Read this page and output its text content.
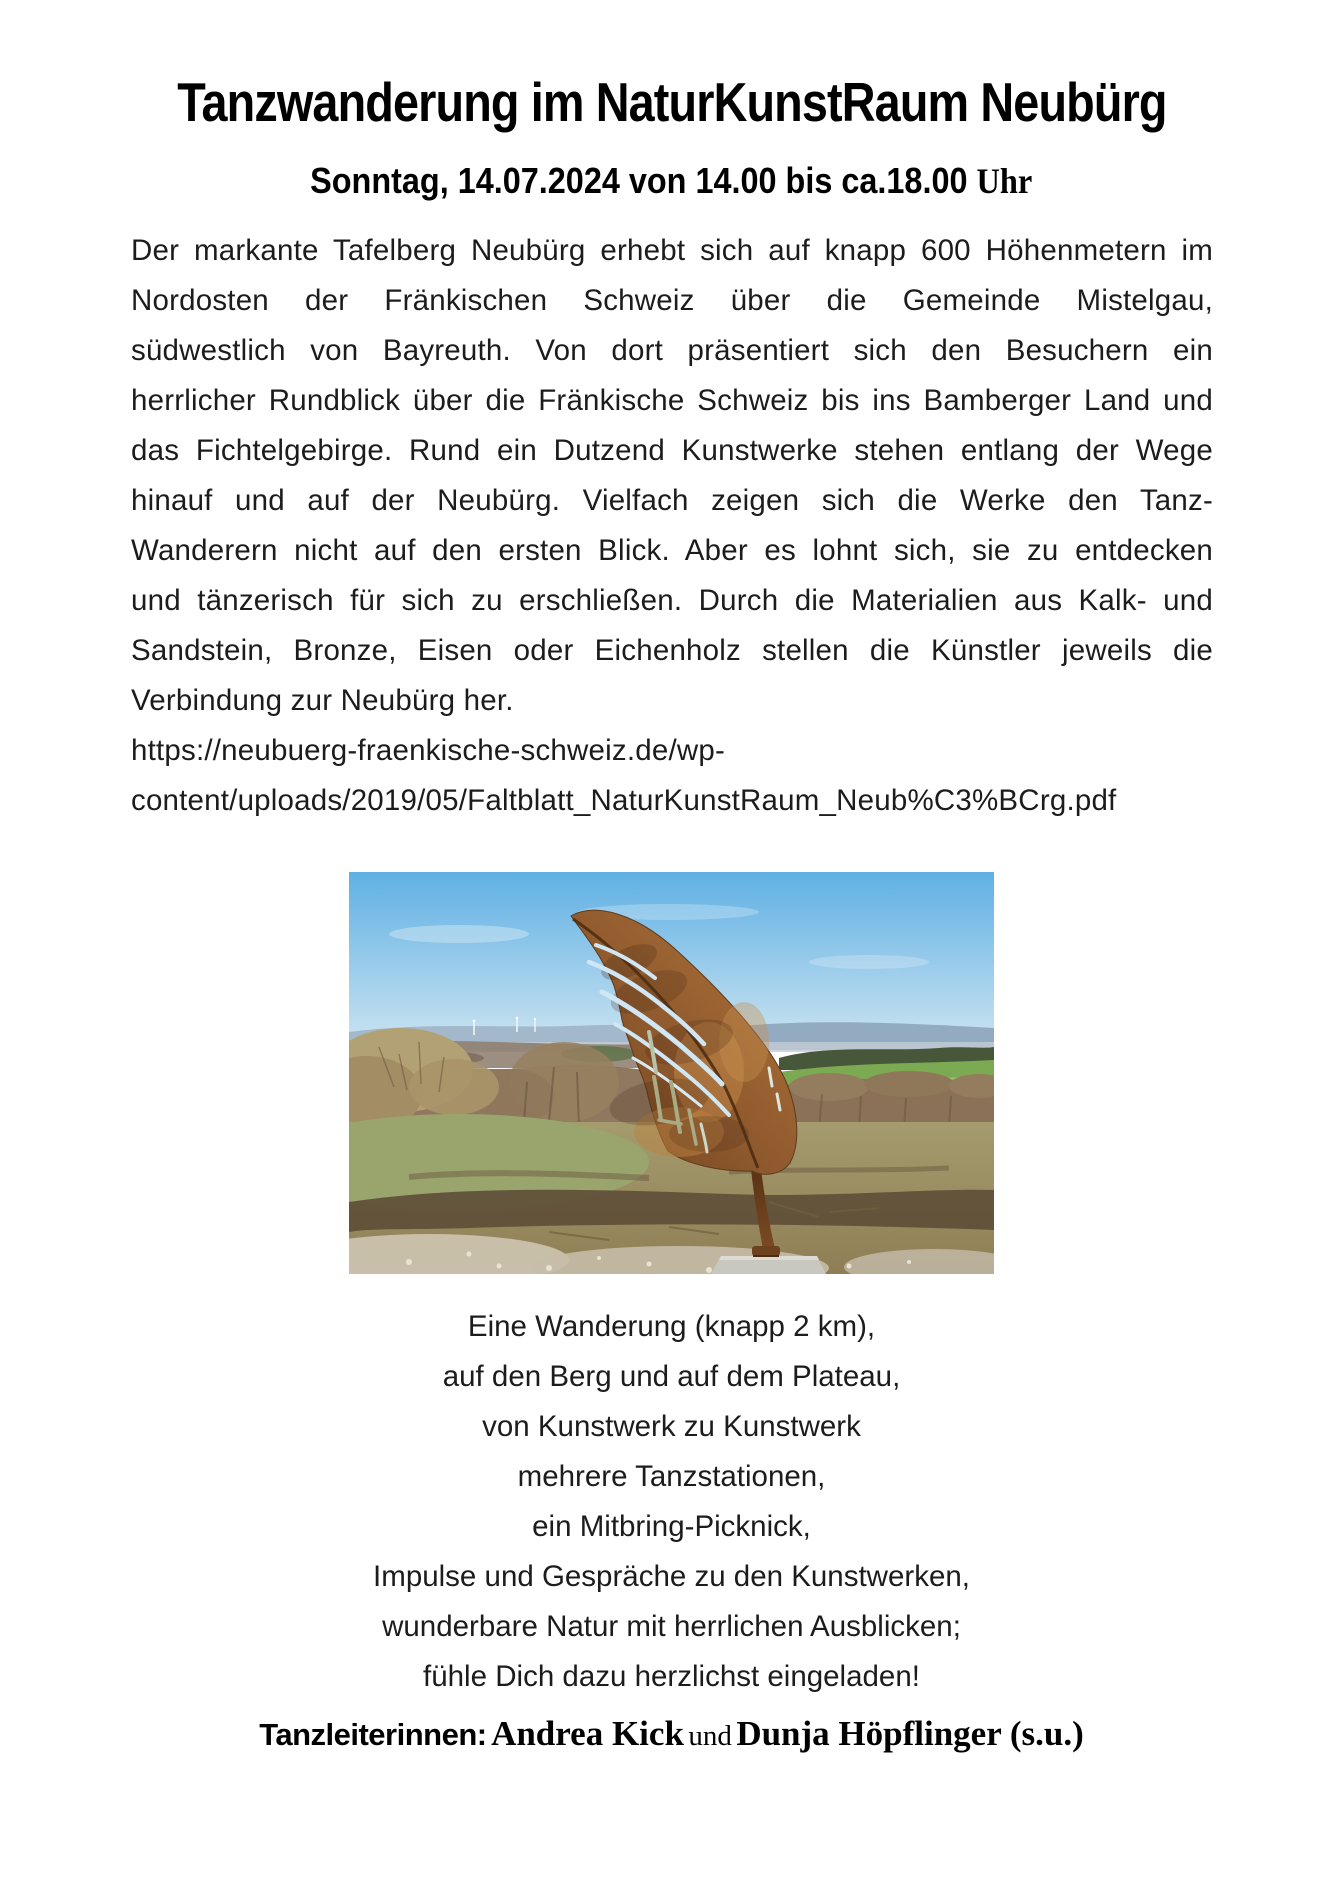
Tanzwanderung im NaturKunstRaum Neubürg
Sonntag, 14.07.2024 von 14.00 bis ca.18.00 Uhr
Der markante Tafelberg Neubürg erhebt sich auf knapp 600 Höhenmetern im
Nordosten der Fränkischen Schweiz über die Gemeinde Mistelgau,
südwestlich von Bayreuth. Von dort präsentiert sich den Besuchern ein
herrlicher Rundblick über die Fränkische Schweiz bis ins Bamberger Land und
das Fichtelgebirge. Rund ein Dutzend Kunstwerke stehen entlang der Wege
hinauf und auf der Neubürg. Vielfach zeigen sich die Werke den Tanz-
Wanderern nicht auf den ersten Blick. Aber es lohnt sich, sie zu entdecken
und tänzerisch für sich zu erschließen. Durch die Materialien aus Kalk- und
Sandstein, Bronze, Eisen oder Eichenholz stellen die Künstler jeweils die
Verbindung zur Neubürg her.
https://neubuerg-fraenkische-schweiz.de/wp-
content/uploads/2019/05/Faltblatt_NaturKunstRaum_Neub%C3%BCrg.pdf
Eine Wanderung (knapp 2 km),
auf den Berg und auf dem Plateau,
von Kunstwerk zu Kunstwerk
mehrere Tanzstationen,
ein Mitbring-Picknick,
Impulse und Gespräche zu den Kunstwerken,
wunderbare Natur mit herrlichen Ausblicken;
fühle Dich dazu herzlichst eingeladen!
Tanzleiterinnen: Andrea Kick und Dunja Höpflinger (s.u.)
